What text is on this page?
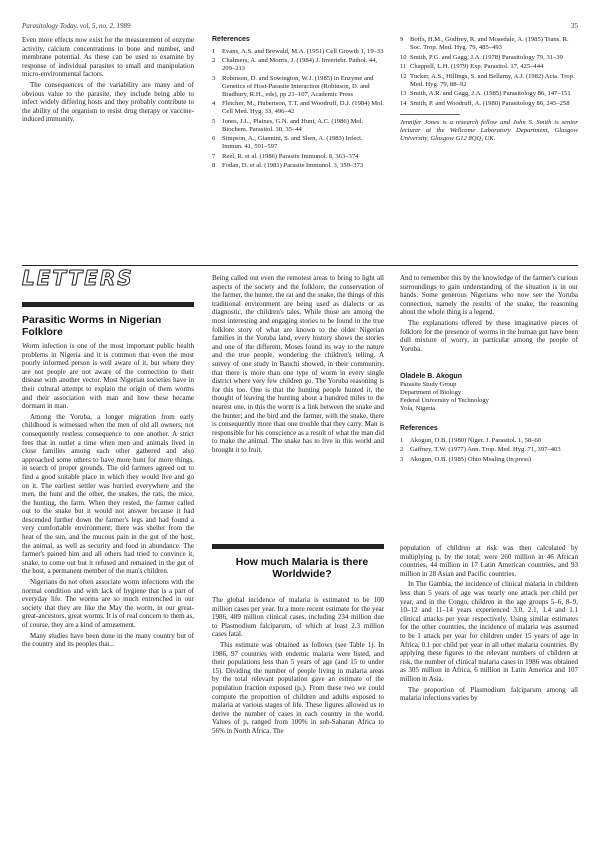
Parasitology Today, vol. 5, no. 2, 1989	35

Even more effects now exist for the measurement of enzyme activity, calcium concentrations in bone and number, and membrane potential. As these can be used to examine by response of individual parasites to small and manipulation micro-environmental factors.

The consequences of the variability are many and of obvious value to the parasite, they include being able to infect widely differing hosts and they probably contribute to the ability of the organism to resist drug therapy or vaccine-induced immunity.

References
1 Evans, A.S. and Brewald, M.A. (1951) Cell Growth 1, 19–33
2 Chalmers, A. and Morris, J. (1984) J. Invertebr. Pathol. 44, 209–213
3 Robinson, D. and Sowington, W.J. (1985) in Enzyme and Genetics of Host-Parasite Interaction (Robinson, D. and Bradbury, R.H., eds), pp 21–107, Academic Press
4 Fletcher, M., Hubertson, T.T. and Woodruff, D.J. (1984) Mol. Cell Med. Hyg. 33, 496–42
5 Jones, J.L., Plaines, G.N. and Hunt, A.C. (1986) Mol. Biochem. Parasitol. 30, 35–44
6 Simpson, A., Giannini, S. and Shen, A. (1983) Infect. Immun. 41, 591–597
7 Reel, R. et al. (1986) Parasite Immunol. 8, 363–374
8 Fodan, D. et al. (1981) Parasite Immunol. 3, 359–373
9 Boffs, H.M., Godfrey, R. and Mosedale, A. (1985) Trans. R. Soc. Trop. Med. Hyg. 79, 485–493
10 Smith, P.G. and Gagg, J.A. (1978) Parasitology 79, 31–39
11 Chappell, L.H. (1979) Exp. Parasitol. 17, 425–444
12 Tucker, A.S., Hillings, S. and Bellamy, A.J. (1982) Acta. Trop. Med. Hyg. 79, 88–92
13 Smith, A.R. and Gagg, J.A. (1985) Parasitology 86, 147–151
14 Smith, P. and Woodruff, A. (1980) Parasitology 86, 245–258

Jennifer Jones is a research fellow and John S. Smith is senior lecturer at the Wellcome Laboratory Department, Glasgow University, Glasgow G12 8QQ, UK.

LETTERS
Parasitic Worms in Nigerian Folklore

Worm infection is one of the most important public health problems in Nigeria and it is common that even the most poorly informed person is well aware of it, but where they are not people are not aware of the connection to their disease with another vector. Most Nigerian societies have in their cultural attempt to explain the origin of them worms and their association with man and how these became dormant in man.

Among the Yoruba, a longer migration from early childhood is witnessed when the men of old all owners; not consequently restless consequence to one another. A strict fees that in outlet a time when men and animals lived in close families among each other gathered and also approached some others to have more hunt for more things, in search of proper grounds. The old farmers agreed out to find a good suitable place in which they would live and go on it. The earliest settler was hurried everywhere and the men, the hunt and the other, the snakes, the rats, the mice, the hunting, the farm. When they rested, the farmer called out to the snake but it would not answer because it had descended further down the farmer's legs and had found a very comfortable environment; there was shelter from the heat of the sun, and the mucous pain in the gut of the host, the animal, as well as security and food in abundance. The farmer's pained him and all others had tried to convince it, snake, to come out but it refused and remained in the gut of the host, a permanent member of the man's children.

Nigerians do not often associate worm infections with the normal condition and with lack of hygiene that is a part of everyday life. The worms are so much entrenched in our society that they are like the May the worm, in our great-great-ancestors, great worms. It is of real concern to them as, of course, they are a kind of amusement.

Many studies have been done in the many country but of the country and its peoples that...

Being called out even the remotest areas to bring to light all aspects of the society and the folklore, the conservation of the farmer, the hunter, the rat and the snake, the things of this traditional environment are being used as dialects or as diagnostic, the children's tales. While those are among the most interesting and engaging stories to be found in the true folklore story of what are known to the older Nigerian families in the Yoruba land, every history shows the stories and one of the different, Moses found its way to the nature and the true people, wondering the children's telling. A survey of one study in Bauchi showed, in their community, that there is more than one type of worm in every single district where very few children go. The Yoruba reasoning is for this too. One is that the hunting people hunted it, the thought of leaving the hunting about a hundred miles to the nearest one, in this the worm is a link between the snake and the hunter; and the bird and the farmer, with the snake, there is consequently more than one trouble that they carry. Man is responsible for his conscience as a result of what the man did to make the animal. The snake has to live in this world and brought it to fruit.

And to remember this by the knowledge of the farmer's curious surroundings to gain understanding of the situation is in our hands. Some generous Nigerians who now see the Yoruba connection, namely the results of the snake, the reasoning about the whole thing is a legend.

The explanations offered by these imaginative pieces of folklore for the presence of worms in the human gut have been dull mixture of worry, in particular among the people of Yoruba.

Oladele B. Akogun
Parasite Study Group
Department of Biology
Federal University of Technology
Yola, Nigeria
References
1 Akogun, O.B. (1980) Niger. J. Parasitol. 1, 58–60
2 Gaffney, T.W. (1977) Ann. Trop. Med. Hyg. 71, 397–403
3 Akogun, O.B. (1985) Ohio Mealing (in press)
How much Malaria is there Worldwide?

The global incidence of malaria is estimated to be 100 million cases per year. In a more recent estimate for the year 1986, 489 million clinical cases, including 234 million due to Plasmodium falciparum, of which at least 2.3 million cases fatal.

This estimate was obtained as follows (see Table 1). In 1986, 97 countries with endemic malaria were listed, and their populations less than 5 years of age (and 15 to under 15). Dividing the number of people living in malaria areas by the total relevant population gave an estimate of the population fraction exposed (pₑ). From these two we could compute the proportion of children and adults exposed to malaria at various stages of life. These figures allowed us to derive the number of cases in each country in the world. Values of pₑ ranged from 100% in sub-Saharan Africa to 56% in North Africa. The

population of children at risk was then calculated by multiplying pₑ by the total; were 260 million in 46 African countries, 44 million in 17 Latin American countries, and 93 million in 28 Asian and Pacific countries.

In The Gambia, the incidence of clinical malaria in children less than 5 years of age was nearly one attack per child per year, and in the Congo, children in the age groups 5–6, 8–9, 10–12 and 11–14 years experienced 3.0, 2.1, 1.4 and 1.1 clinical attacks per year respectively. Using similar estimates for the other countries, the incidence of malaria was assumed to be 1 attack per year for children under 15 years of age in Africa, 0.1 per child per year in all other malaria countries. By applying these figures to the relevant numbers of children at risk, the number of clinical malaria cases in 1986 was obtained as 305 million in Africa, 6 million in Latin America and 107 million in Asia.

The proportion of Plasmodium falciparum among all malaria infections varies by
